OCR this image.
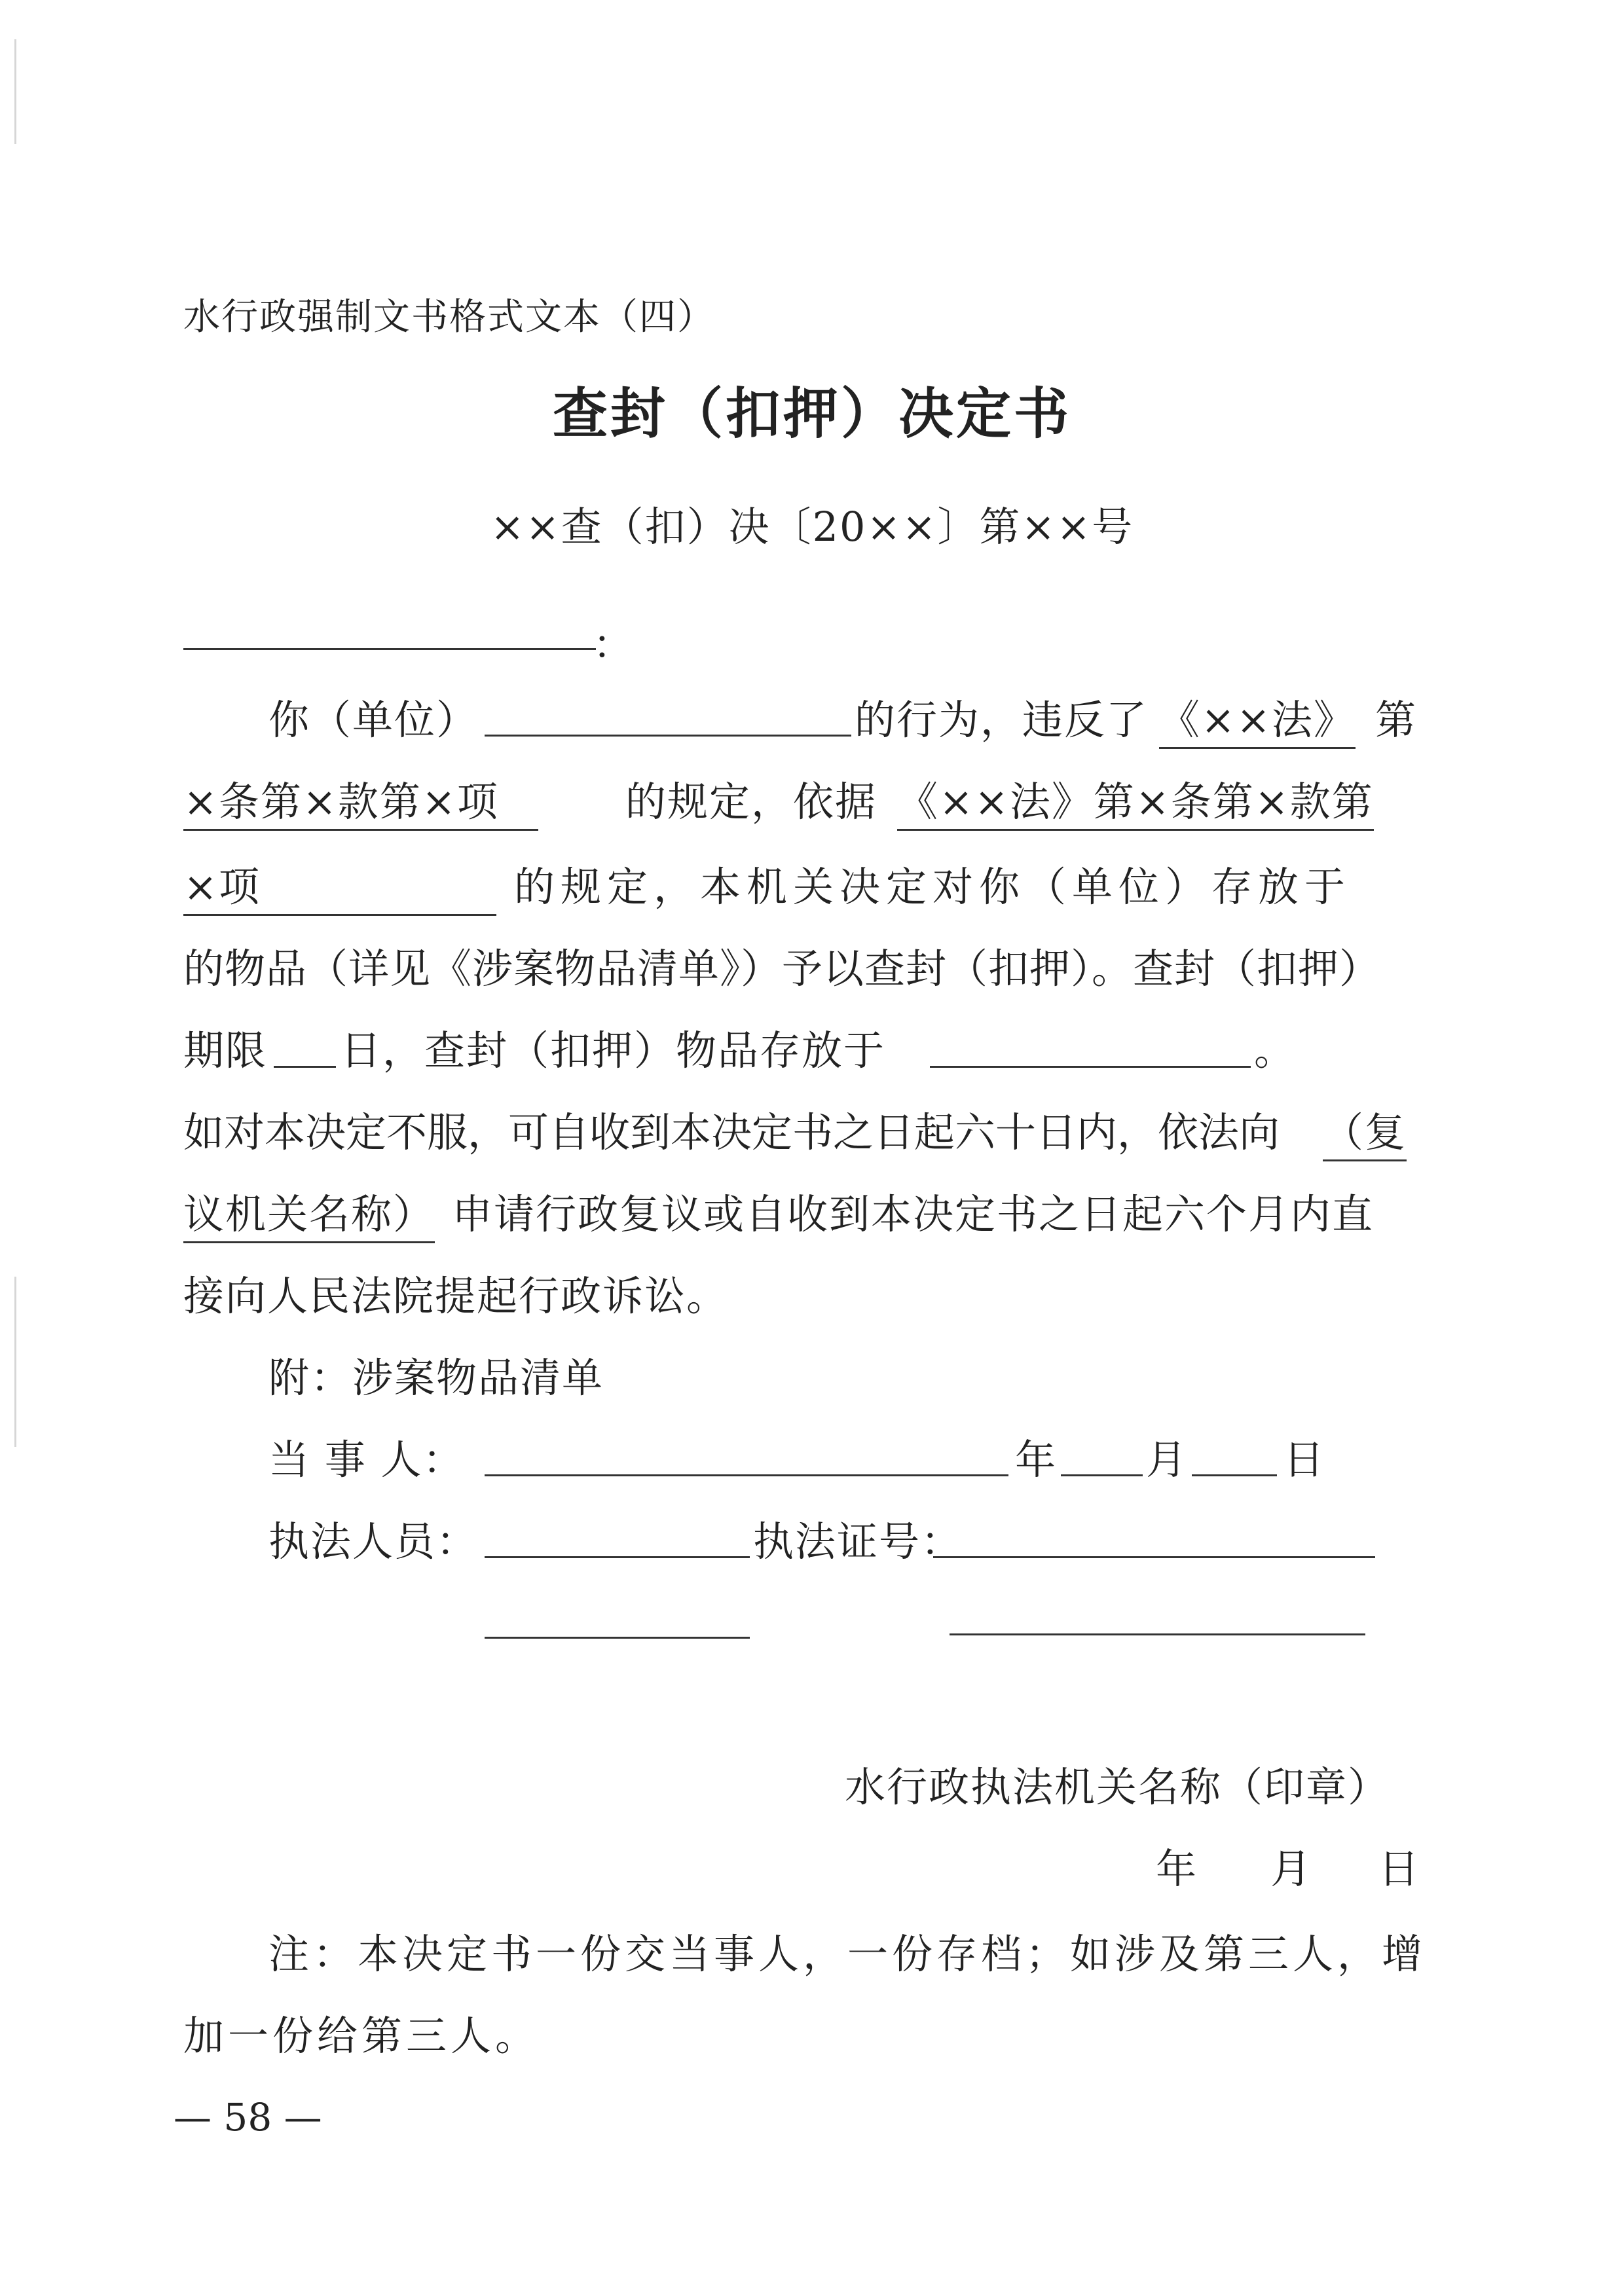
水行政强制文书格式文本（四）
查封（扣押）决定书
××查（扣）决〔20××〕第××号
：
你（单位）	的行为，违反了 《××法》 第
×条第×款第×项	的规定，依据 《××法》第×条第×款第
×项	的规定，本机关决定对你（单位）存放于
的物品（详见《涉案物品清单》）予以查封（扣押）。查封（扣押）
期限 日，查封（扣押）物品存放于	。
如对本决定不服，可自收到本决定书之日起六十日内，依法向 （复
议机关名称） 申请行政复议或自收到本决定书之日起六个月内直
接向人民法院提起行政诉讼。
附：涉案物品清单
当 事 人：	年 月 日
执法人员：	执法证号：
水行政执法机关名称（印章）
年 月 日
注：本决定书一份交当事人，一份存档；如涉及第三人，增
加一份给第三人。
— 58 —
